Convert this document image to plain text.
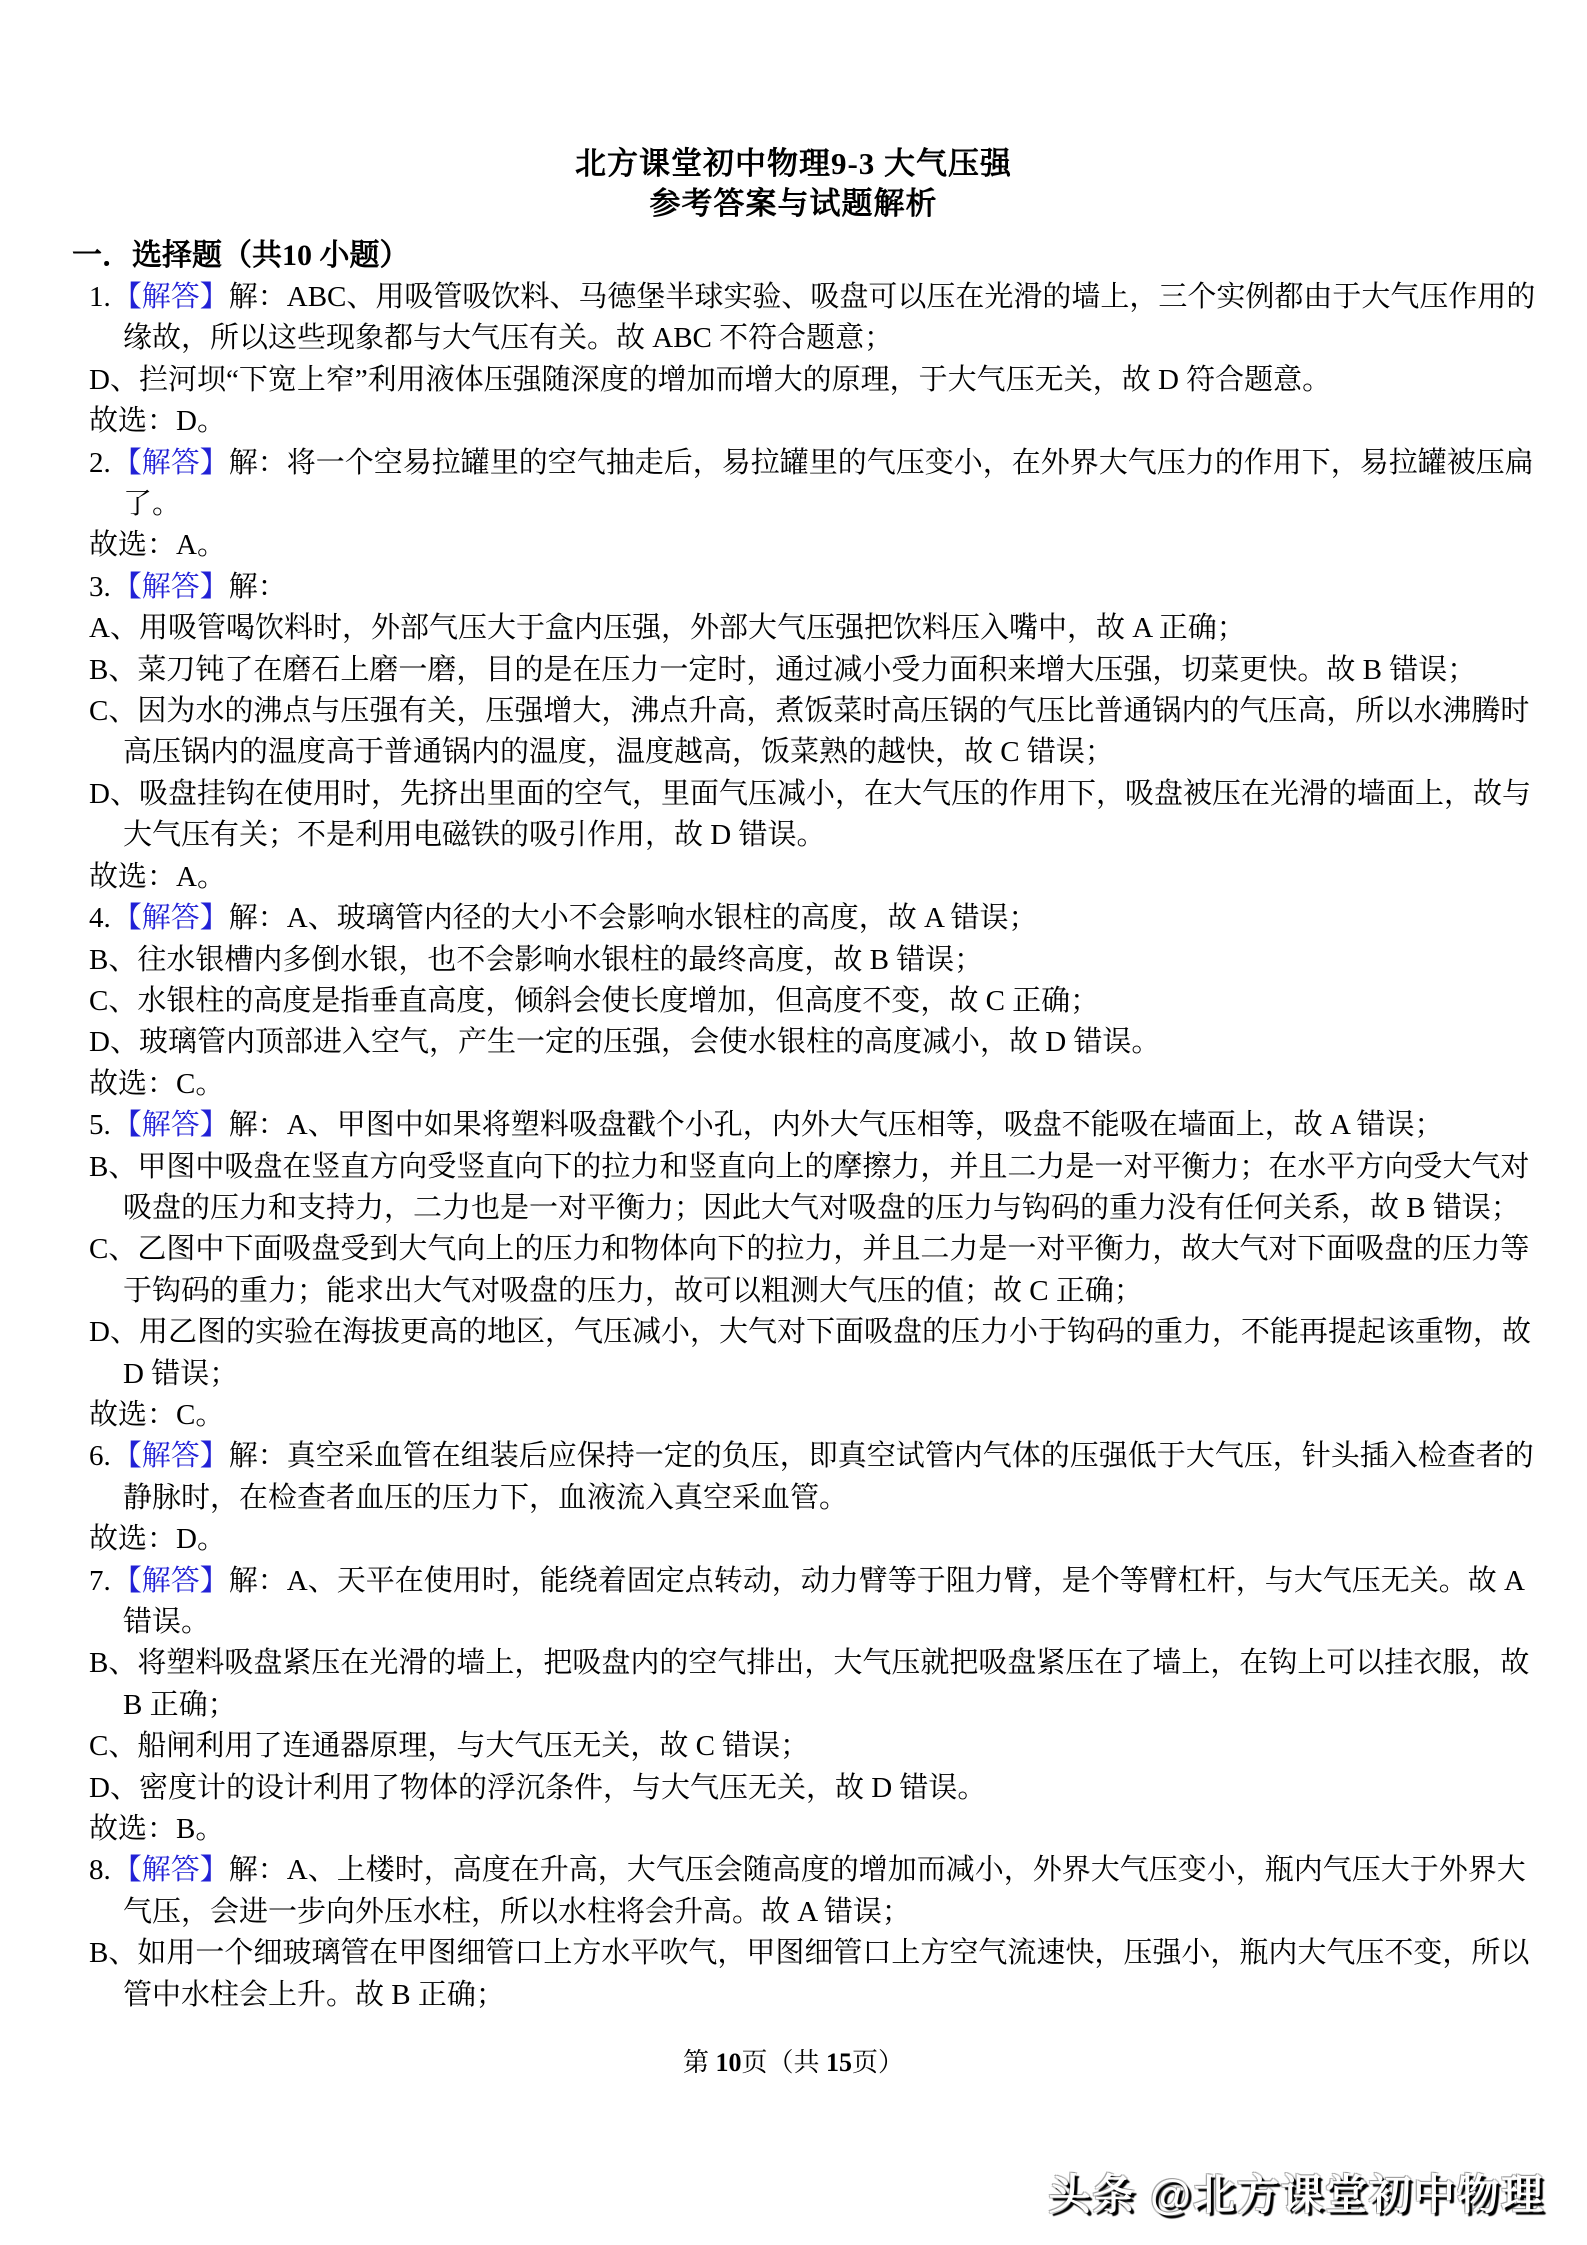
北方课堂初中物理9-3 大气压强
参考答案与试题解析
一．选择题（共10 小题）
1.【解答】解：ABC、用吸管吸饮料、马德堡半球实验、吸盘可以压在光滑的墙上，三个实例都由于大气压作用的
缘故，所以这些现象都与大气压有关。故 ABC 不符合题意；
D、拦河坝“下宽上窄”利用液体压强随深度的增加而增大的原理，于大气压无关，故 D 符合题意。
故选：D。
2.【解答】解：将一个空易拉罐里的空气抽走后，易拉罐里的气压变小，在外界大气压力的作用下，易拉罐被压扁
了。
故选：A。
3.【解答】解：
A、用吸管喝饮料时，外部气压大于盒内压强，外部大气压强把饮料压入嘴中，故 A 正确；
B、菜刀钝了在磨石上磨一磨，目的是在压力一定时，通过减小受力面积来增大压强，切菜更快。故 B 错误；
C、因为水的沸点与压强有关，压强增大，沸点升高，煮饭菜时高压锅的气压比普通锅内的气压高，所以水沸腾时
高压锅内的温度高于普通锅内的温度，温度越高，饭菜熟的越快，故 C 错误；
D、吸盘挂钩在使用时，先挤出里面的空气，里面气压减小，在大气压的作用下，吸盘被压在光滑的墙面上，故与
大气压有关；不是利用电磁铁的吸引作用，故 D 错误。
故选：A。
4.【解答】解：A、玻璃管内径的大小不会影响水银柱的高度，故 A 错误；
B、往水银槽内多倒水银，也不会影响水银柱的最终高度，故 B 错误；
C、水银柱的高度是指垂直高度，倾斜会使长度增加，但高度不变，故 C 正确；
D、玻璃管内顶部进入空气，产生一定的压强，会使水银柱的高度减小，故 D 错误。
故选：C。
5.【解答】解：A、甲图中如果将塑料吸盘戳个小孔，内外大气压相等，吸盘不能吸在墙面上，故 A 错误；
B、甲图中吸盘在竖直方向受竖直向下的拉力和竖直向上的摩擦力，并且二力是一对平衡力；在水平方向受大气对
吸盘的压力和支持力，二力也是一对平衡力；因此大气对吸盘的压力与钩码的重力没有任何关系，故 B 错误；
C、乙图中下面吸盘受到大气向上的压力和物体向下的拉力，并且二力是一对平衡力，故大气对下面吸盘的压力等
于钩码的重力；能求出大气对吸盘的压力，故可以粗测大气压的值；故 C 正确；
D、用乙图的实验在海拔更高的地区，气压减小，大气对下面吸盘的压力小于钩码的重力，不能再提起该重物，故
D 错误；
故选：C。
6.【解答】解：真空采血管在组装后应保持一定的负压，即真空试管内气体的压强低于大气压，针头插入检查者的
静脉时，在检查者血压的压力下，血液流入真空采血管。
故选：D。
7.【解答】解：A、天平在使用时，能绕着固定点转动，动力臂等于阻力臂，是个等臂杠杆，与大气压无关。故 A
错误。
B、将塑料吸盘紧压在光滑的墙上，把吸盘内的空气排出，大气压就把吸盘紧压在了墙上，在钩上可以挂衣服，故
B 正确；
C、船闸利用了连通器原理，与大气压无关，故 C 错误；
D、密度计的设计利用了物体的浮沉条件，与大气压无关，故 D 错误。
故选：B。
8.【解答】解：A、上楼时，高度在升高，大气压会随高度的增加而减小，外界大气压变小，瓶内气压大于外界大
气压，会进一步向外压水柱，所以水柱将会升高。故 A 错误；
B、如用一个细玻璃管在甲图细管口上方水平吹气，甲图细管口上方空气流速快，压强小，瓶内大气压不变，所以
管中水柱会上升。故 B 正确；
第 10页（共 15页）
头条 @北方课堂初中物理
